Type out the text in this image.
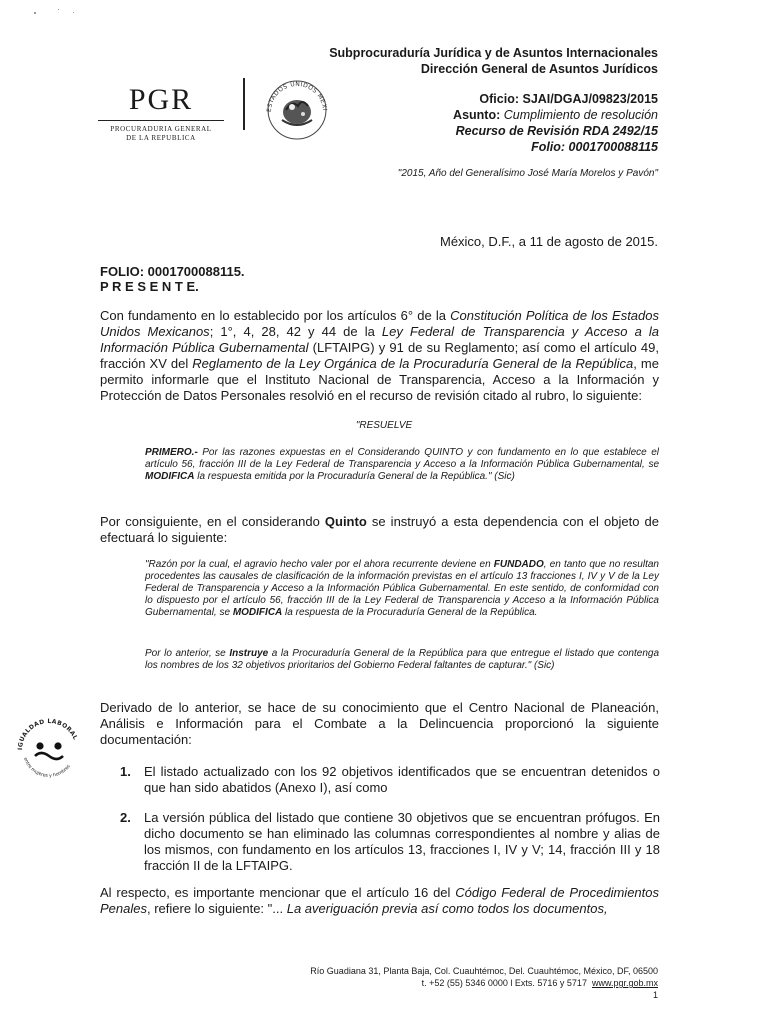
Subprocuraduría Jurídica y de Asuntos Internacionales
Dirección General de Asuntos Jurídicos
PGR
PROCURADURIA GENERAL
DE LA REPUBLICA
ESTADOS UNIDOS MEXI
Oficio: SJAI/DGAJ/09823/2015
Asunto: Cumplimiento de resolución
Recurso de Revisión RDA 2492/15
Folio: 0001700088115
"2015, Año del Generalísimo José María Morelos y Pavón"
México, D.F., a 11 de agosto de 2015.
FOLIO: 0001700088115.
P R E S E N T E.
Con fundamento en lo establecido por los artículos 6° de la Constitución Política de los Estados Unidos Mexicanos; 1°, 4, 28, 42 y 44 de la Ley Federal de Transparencia y Acceso a la Información Pública Gubernamental (LFTAIPG) y 91 de su Reglamento; así como el artículo 49, fracción XV del Reglamento de la Ley Orgánica de la Procuraduría General de la República, me permito informarle que el Instituto Nacional de Transparencia, Acceso a la Información y Protección de Datos Personales resolvió en el recurso de revisión citado al rubro, lo siguiente:
"RESUELVE
PRIMERO.- Por las razones expuestas en el Considerando QUINTO y con fundamento en lo que establece el artículo 56, fracción III de la Ley Federal de Transparencia y Acceso a la Información Pública Gubernamental, se MODIFICA la respuesta emitida por la Procuraduría General de la República." (Sic)
Por consiguiente, en el considerando Quinto se instruyó a esta dependencia con el objeto de efectuará lo siguiente:
"Razón por la cual, el agravio hecho valer por el ahora recurrente deviene en FUNDADO, en tanto que no resultan procedentes las causales de clasificación de la información previstas en el artículo 13 fracciones I, IV y V de la Ley Federal de Transparencia y Acceso a la Información Pública Gubernamental. En este sentido, de conformidad con lo dispuesto por el artículo 56, fracción III de la Ley Federal de Transparencia y Acceso a la Información Pública Gubernamental, se MODIFICA la respuesta de la Procuraduría General de la República.
Por lo anterior, se Instruye a la Procuraduría General de la República para que entregue el listado que contenga los nombres de los 32 objetivos prioritarios del Gobierno Federal faltantes de capturar." (Sic)
Derivado de lo anterior, se hace de su conocimiento que el Centro Nacional de Planeación, Análisis e Información para el Combate a la Delincuencia proporcionó la siguiente documentación:
1. El listado actualizado con los 92 objetivos identificados que se encuentran detenidos o que han sido abatidos (Anexo I), así como
2. La versión pública del listado que contiene 30 objetivos que se encuentran prófugos. En dicho documento se han eliminado las columnas correspondientes al nombre y alias de los mismos, con fundamento en los artículos 13, fracciones I, IV y V; 14, fracción III y 18 fracción II de la LFTAIPG.
Al respecto, es importante mencionar que el artículo 16 del Código Federal de Procedimientos Penales, refiere lo siguiente: "... La averiguación previa así como todos los documentos,
IGUALDAD LABORAL
entre mujeres y hombres
Río Guadiana 31, Planta Baja, Col. Cuauhtémoc, Del. Cuauhtémoc, México, DF, 06500
t. +52 (55) 5346 0000 l Exts. 5716 y 5717 www.pgr.gob.mx
1
